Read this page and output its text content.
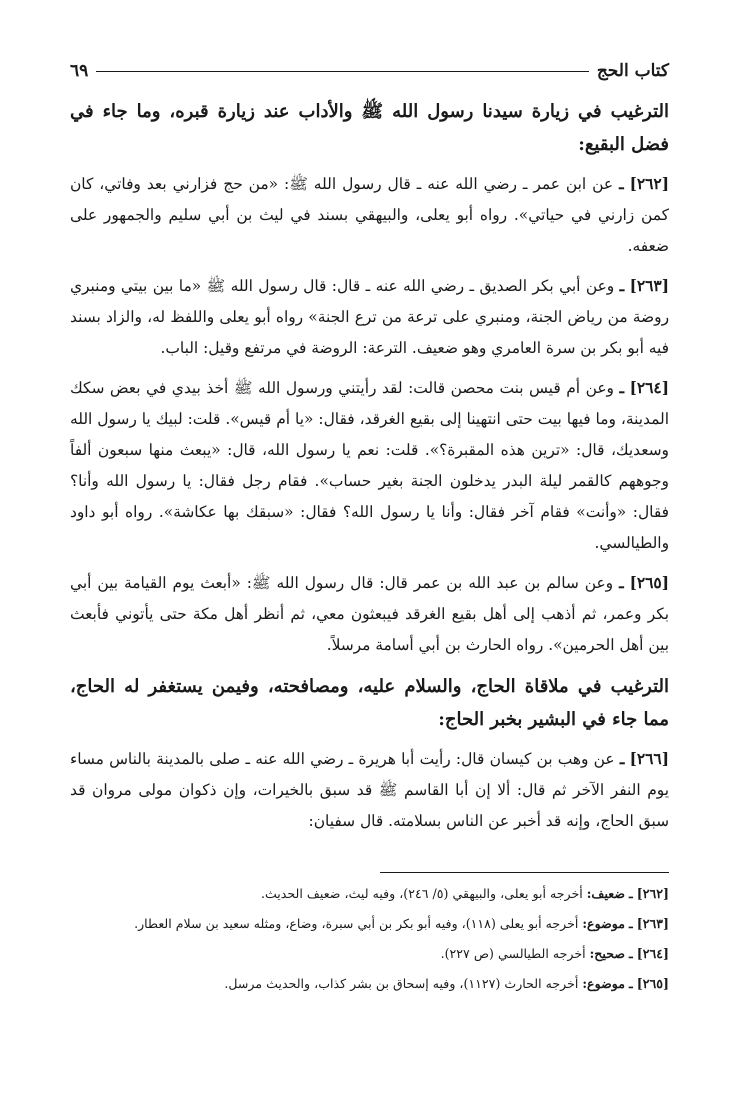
كتاب الحج
٦٩

الترغيب في زيارة سيدنا رسول الله ﷺ والأداب عند زيارة قبره، وما جاء في فضل البقيع:

[٢٦٢] ـ عن ابن عمر ـ رضي الله عنه ـ قال رسول الله ﷺ: «من حج فزارني بعد وفاتي، كان كمن زارني في حياتي». رواه أبو يعلى، والبيهقي بسند في ليث بن أبي سليم والجمهور على ضعفه.

[٢٦٣] ـ وعن أبي بكر الصديق ـ رضي الله عنه ـ قال: قال رسول الله ﷺ «ما بين بيتي ومنبري روضة من رياض الجنة، ومنبري على ترعة من ترع الجنة» رواه أبو يعلى واللفظ له، والزاد بسند فيه أبو بكر بن سرة العامري وهو ضعيف. الترعة: الروضة في مرتفع وقيل: الباب.

[٢٦٤] ـ وعن أم قيس بنت محصن قالت: لقد رأيتني ورسول الله ﷺ أخذ بيدي في بعض سكك المدينة، وما فيها بيت حتى انتهينا إلى بقيع الغرقد، فقال: «يا أم قيس». قلت: لبيك يا رسول الله وسعديك، قال: «ترين هذه المقبرة؟». قلت: نعم يا رسول الله، قال: «يبعث منها سبعون ألفاً وجوههم كالقمر ليلة البدر يدخلون الجنة بغير حساب». فقام رجل فقال: يا رسول الله وأنا؟ فقال: «وأنت» فقام آخر فقال: وأنا يا رسول الله؟ فقال: «سبقك بها عكاشة». رواه أبو داود والطيالسي.

[٢٦٥] ـ وعن سالم بن عبد الله بن عمر قال: قال رسول الله ﷺ: «أبعث يوم القيامة بين أبي بكر وعمر، ثم أذهب إلى أهل بقيع الغرقد فيبعثون معي، ثم أنظر أهل مكة حتى يأتوني فأبعث بين أهل الحرمين». رواه الحارث بن أبي أسامة مرسلاً.

الترغيب في ملاقاة الحاج، والسلام عليه، ومصافحته، وفيمن يستغفر له الحاج، مما جاء في البشير بخبر الحاج:

[٢٦٦] ـ عن وهب بن كيسان قال: رأيت أبا هريرة ـ رضي الله عنه ـ صلى بالمدينة بالناس مساء يوم النفر الآخر ثم قال: ألا إن أبا القاسم ﷺ قد سبق بالخيرات، وإن ذكوان مولى مروان قد سبق الحاج، وإنه قد أخبر عن الناس بسلامته. قال سفيان:

[٢٦٢] ـ ضعيف: أخرجه أبو يعلى، والبيهقي (٥/ ٢٤٦)، وفيه ليث، ضعيف الحديث.

[٢٦٣] ـ موضوع: أخرجه أبو يعلى (١١٨)، وفيه أبو بكر بن أبي سبرة، وضاع، ومثله سعيد بن سلام العطار.

[٢٦٤] ـ صحيح: أخرجه الطيالسي (ص ٢٢٧).

[٢٦٥] ـ موضوع: أخرجه الحارث (١١٢٧)، وفيه إسحاق بن بشر كذاب، والحديث مرسل.
